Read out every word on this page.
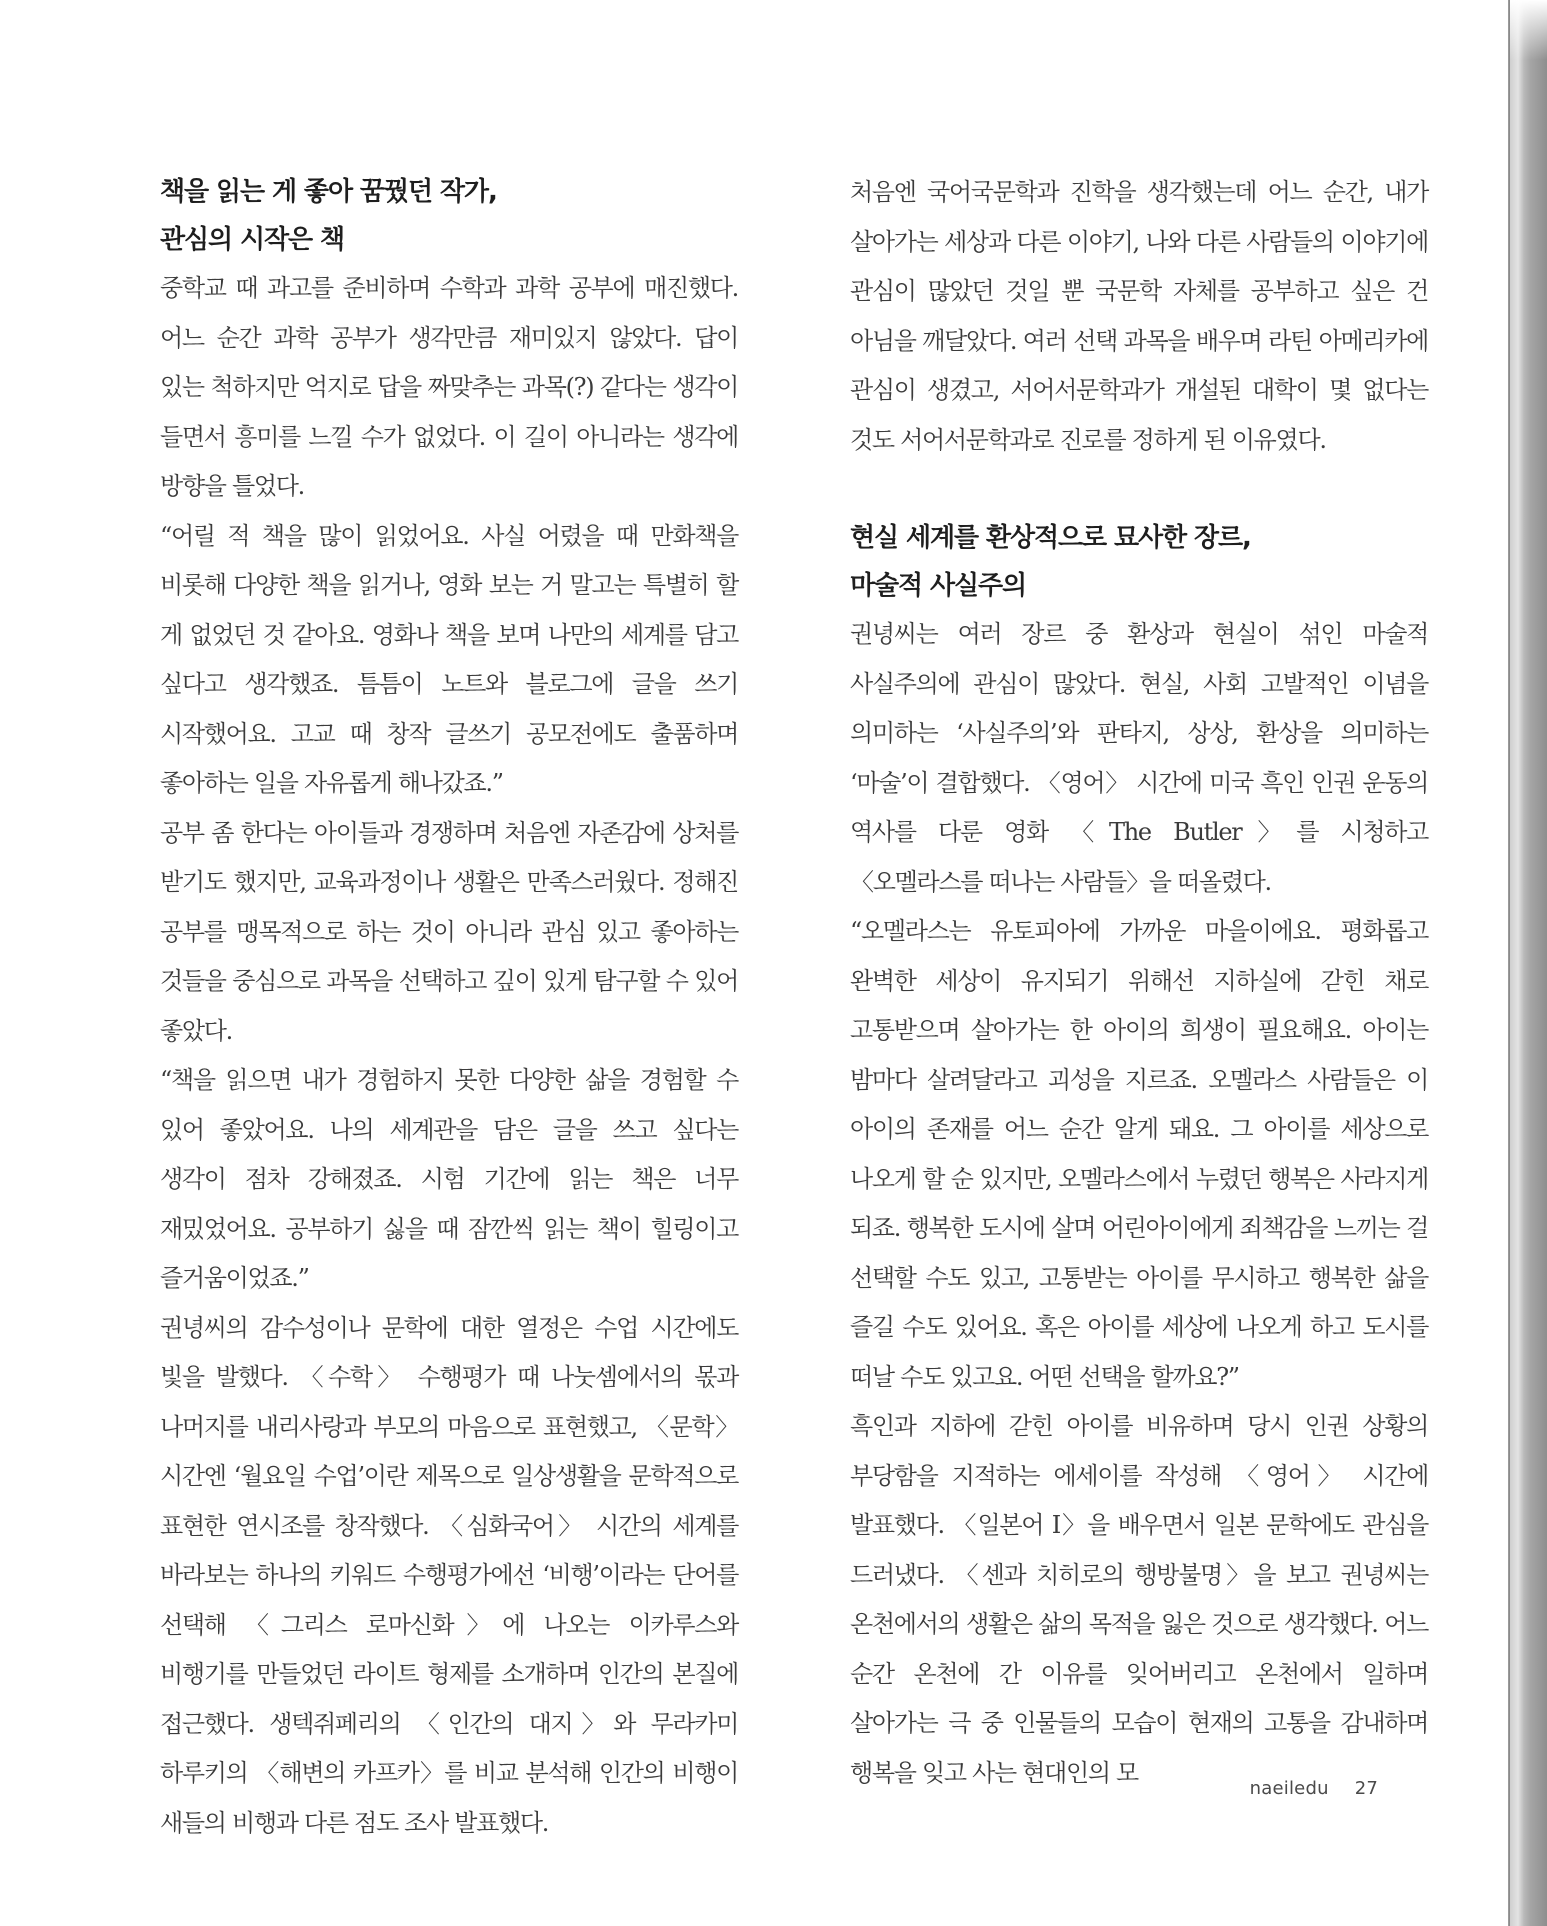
책을 읽는 게 좋아 꿈꿨던 작가,

관심의 시작은 책

중학교 때 과고를 준비하며 수학과 과학 공부에 매진했다. 어느 순간 과학 공부가 생각만큼 재미있지 않았다. 답이 있는 척하지만 억지로 답을 짜맞추는 과목(?) 같다는 생각이 들면서 흥미를 느낄 수가 없었다. 이 길이 아니라는 생각에 방향을 틀었다.

“어릴 적 책을 많이 읽었어요. 사실 어렸을 때 만화책을 비롯해 다양한 책을 읽거나, 영화 보는 거 말고는 특별히 할 게 없었던 것 같아요. 영화나 책을 보며 나만의 세계를 담고 싶다고 생각했죠. 틈틈이 노트와 블로그에 글을 쓰기 시작했어요. 고교 때 창작 글쓰기 공모전에도 출품하며 좋아하는 일을 자유롭게 해나갔죠.”

공부 좀 한다는 아이들과 경쟁하며 처음엔 자존감에 상처를 받기도 했지만, 교육과정이나 생활은 만족스러웠다. 정해진 공부를 맹목적으로 하는 것이 아니라 관심 있고 좋아하는 것들을 중심으로 과목을 선택하고 깊이 있게 탐구할 수 있어 좋았다.

“책을 읽으면 내가 경험하지 못한 다양한 삶을 경험할 수 있어 좋았어요. 나의 세계관을 담은 글을 쓰고 싶다는 생각이 점차 강해졌죠. 시험 기간에 읽는 책은 너무 재밌었어요. 공부하기 싫을 때 잠깐씩 읽는 책이 힐링이고 즐거움이었죠.”

권녕씨의 감수성이나 문학에 대한 열정은 수업 시간에도 빛을 발했다. 〈수학〉 수행평가 때 나눗셈에서의 몫과 나머지를 내리사랑과 부모의 마음으로 표현했고, 〈문학〉 시간엔 ‘월요일 수업’이란 제목으로 일상생활을 문학적으로 표현한 연시조를 창작했다. 〈심화국어〉 시간의 세계를 바라보는 하나의 키워드 수행평가에선 ‘비행’이라는 단어를 선택해 〈그리스 로마신화〉에 나오는 이카루스와 비행기를 만들었던 라이트 형제를 소개하며 인간의 본질에 접근했다. 생텍쥐페리의 〈인간의 대지〉와 무라카미 하루키의 〈해변의 카프카〉를 비교 분석해 인간의 비행이 새들의 비행과 다른 점도 조사 발표했다.

처음엔 국어국문학과 진학을 생각했는데 어느 순간, 내가 살아가는 세상과 다른 이야기, 나와 다른 사람들의 이야기에 관심이 많았던 것일 뿐 국문학 자체를 공부하고 싶은 건 아님을 깨달았다. 여러 선택 과목을 배우며 라틴 아메리카에 관심이 생겼고, 서어서문학과가 개설된 대학이 몇 없다는 것도 서어서문학과로 진로를 정하게 된 이유였다.

현실 세계를 환상적으로 묘사한 장르,

마술적 사실주의

권녕씨는 여러 장르 중 환상과 현실이 섞인 마술적 사실주의에 관심이 많았다. 현실, 사회 고발적인 이념을 의미하는 ‘사실주의’와 판타지, 상상, 환상을 의미하는 ‘마술’이 결합했다. 〈영어〉 시간에 미국 흑인 인권 운동의 역사를 다룬 영화 〈The Butler〉를 시청하고 〈오멜라스를 떠나는 사람들〉을 떠올렸다.

“오멜라스는 유토피아에 가까운 마을이에요. 평화롭고 완벽한 세상이 유지되기 위해선 지하실에 갇힌 채로 고통받으며 살아가는 한 아이의 희생이 필요해요. 아이는 밤마다 살려달라고 괴성을 지르죠. 오멜라스 사람들은 이 아이의 존재를 어느 순간 알게 돼요. 그 아이를 세상으로 나오게 할 순 있지만, 오멜라스에서 누렸던 행복은 사라지게 되죠. 행복한 도시에 살며 어린아이에게 죄책감을 느끼는 걸 선택할 수도 있고, 고통받는 아이를 무시하고 행복한 삶을 즐길 수도 있어요. 혹은 아이를 세상에 나오게 하고 도시를 떠날 수도 있고요. 어떤 선택을 할까요?”

흑인과 지하에 갇힌 아이를 비유하며 당시 인권 상황의 부당함을 지적하는 에세이를 작성해 〈영어〉 시간에 발표했다. 〈일본어 Ⅰ〉을 배우면서 일본 문학에도 관심을 드러냈다. 〈센과 치히로의 행방불명〉을 보고 권녕씨는 온천에서의 생활은 삶의 목적을 잃은 것으로 생각했다. 어느 순간 온천에 간 이유를 잊어버리고 온천에서 일하며 살아가는 극 중 인물들의 모습이 현재의 고통을 감내하며 행복을 잊고 사는 현대인의 모

naeiledu 27
